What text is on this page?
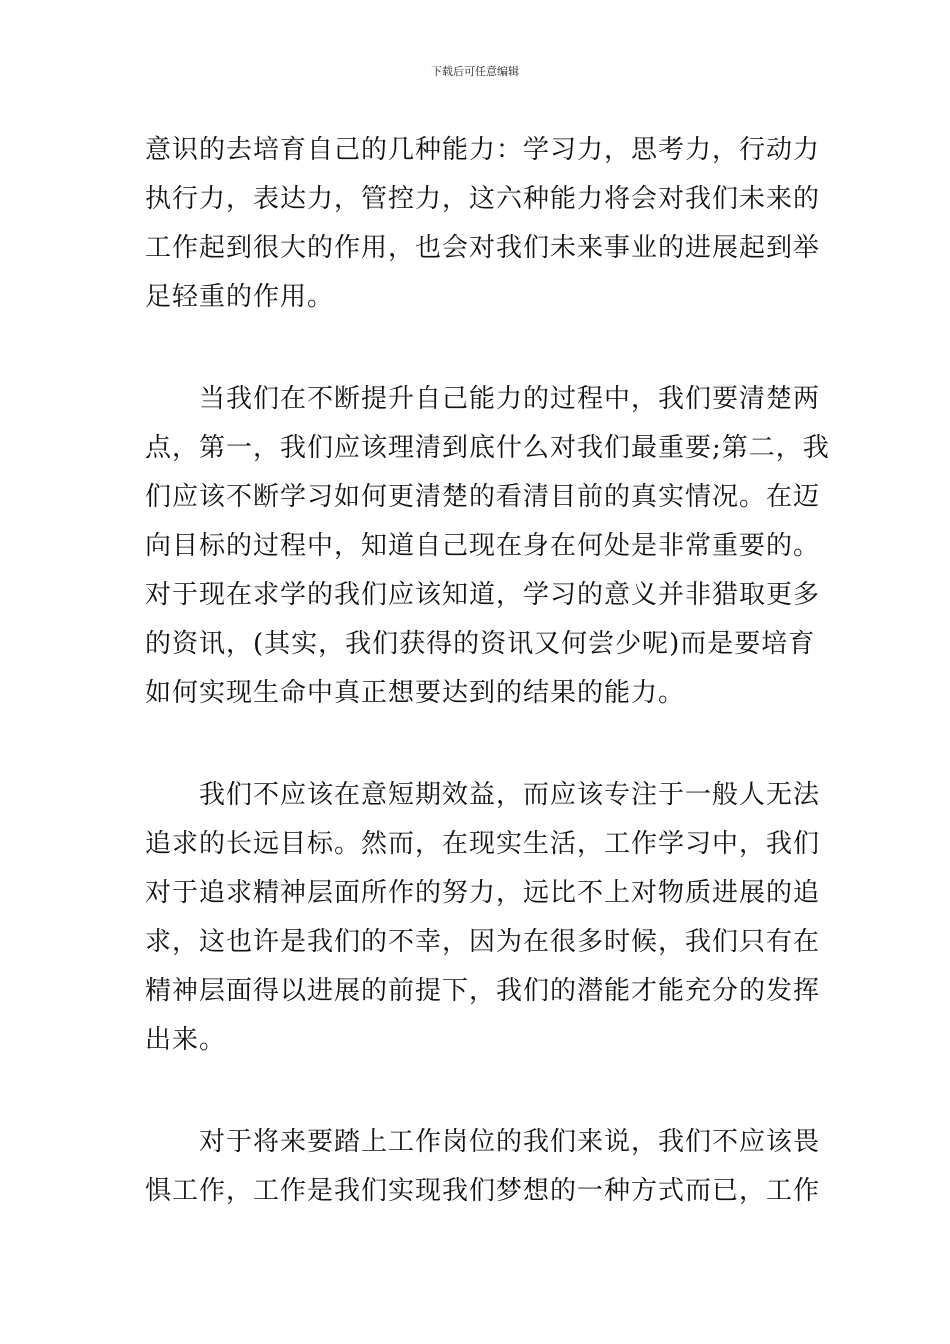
下载后可任意编辑

意识的去培育自己的几种能力：学习力，思考力，行动力
执行力，表达力，管控力，这六种能力将会对我们未来的
工作起到很大的作用，也会对我们未来事业的进展起到举
足轻重的作用。

当我们在不断提升自己能力的过程中，我们要清楚两
点，第一，我们应该理清到底什么对我们最重要;第二，我
们应该不断学习如何更清楚的看清目前的真实情况。在迈
向目标的过程中，知道自己现在身在何处是非常重要的。
对于现在求学的我们应该知道，学习的意义并非猎取更多
的资讯，(其实，我们获得的资讯又何尝少呢)而是要培育
如何实现生命中真正想要达到的结果的能力。

我们不应该在意短期效益，而应该专注于一般人无法
追求的长远目标。然而，在现实生活，工作学习中，我们
对于追求精神层面所作的努力，远比不上对物质进展的追
求，这也许是我们的不幸，因为在很多时候，我们只有在
精神层面得以进展的前提下，我们的潜能才能充分的发挥
出来。

对于将来要踏上工作岗位的我们来说，我们不应该畏
惧工作，工作是我们实现我们梦想的一种方式而已，工作
